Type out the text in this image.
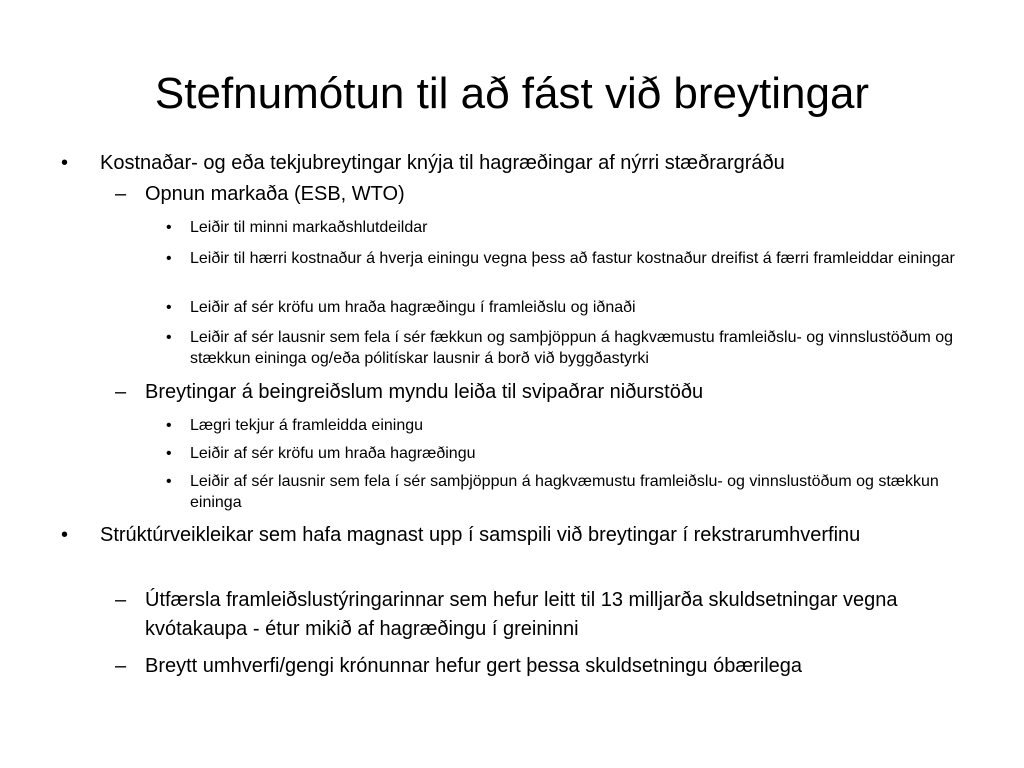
Stefnumótun til að fást við breytingar
• Kostnaðar- og eða tekjubreytingar knýja til hagræðingar af nýrri stæðrargráðu
– Opnun markaða (ESB, WTO)
• Leiðir til minni markaðshlutdeildar
• Leiðir til hærri kostnaður á hverja einingu vegna þess að fastur kostnaður dreifist á færri framleiddar einingar
• Leiðir af sér kröfu um hraða hagræðingu í framleiðslu og iðnaði
• Leiðir af sér lausnir sem fela í sér fækkun og samþjöppun á hagkvæmustu framleiðslu- og vinnslustöðum og stækkun eininga og/eða pólitískar lausnir á borð við byggðastyrki
– Breytingar á beingreiðslum myndu leiða til svipaðrar niðurstöðu
• Lægri tekjur á framleidda einingu
• Leiðir af sér kröfu um hraða hagræðingu
• Leiðir af sér lausnir sem fela í sér samþjöppun á hagkvæmustu framleiðslu- og vinnslustöðum og stækkun eininga
• Strúktúrveikleikar sem hafa magnast upp í samspili við breytingar í rekstrarumhverfinu
– Útfærsla framleiðslustýringarinnar sem hefur leitt til 13 milljarða skuldsetningar vegna kvótakaupa - étur mikið af hagræðingu í greininni
– Breytt umhverfi/gengi krónunnar hefur gert þessa skuldsetningu óbærilega
